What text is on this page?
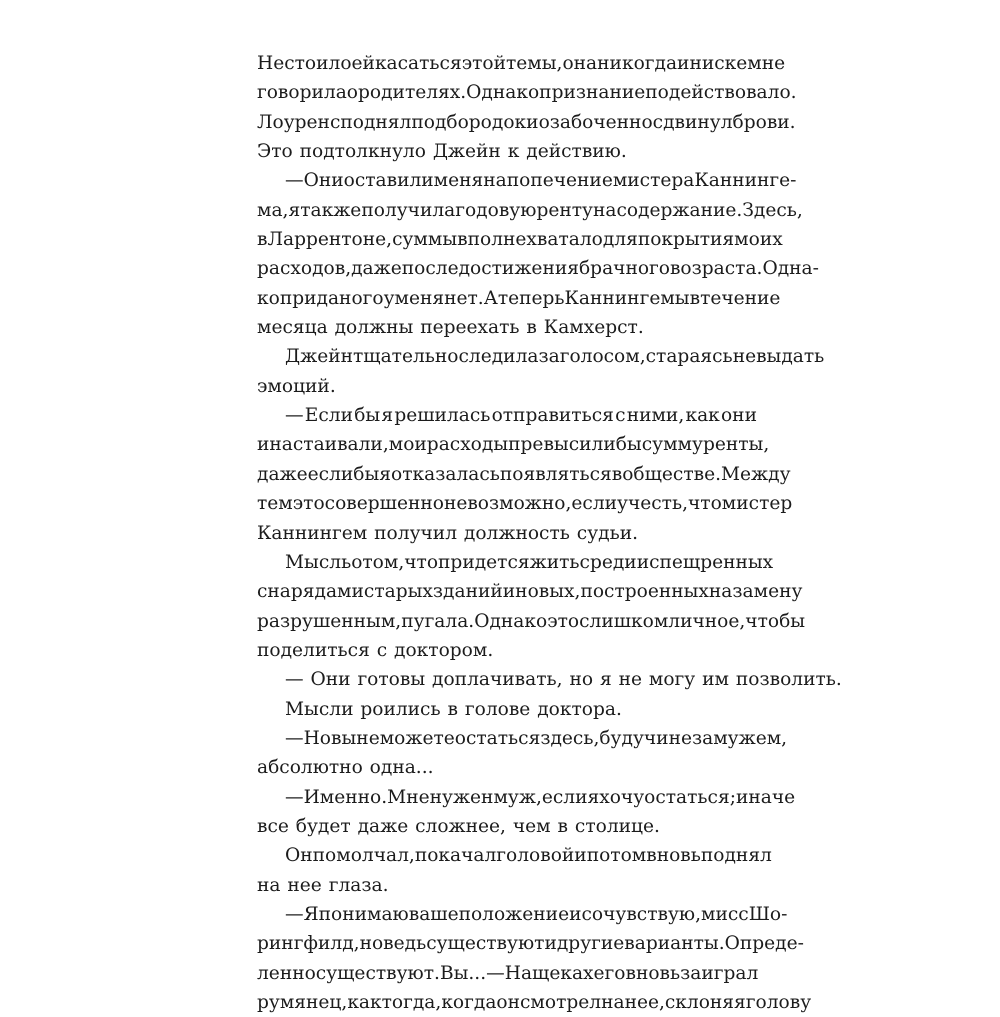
Не стоило ей касаться этой темы, она никогда и ни с кем не
говорила о родителях. Однако признание подействовало.
Лоуренс поднял подбородок и озабоченно сдвинул брови.
Это подтолкнуло Джейн к действию.
— Они оставили меня на попечение мистера Каннинге-
ма, я также получила годовую ренту на содержание. Здесь,
в Ларрентоне, суммы вполне хватало для покрытия моих
расходов, даже после достижения брачного возраста. Одна-
ко приданого у меня нет. А теперь Каннингемы в течение
месяца должны переехать в Камхерст.
Джейн тщательно следила за голосом, стараясь не выдать
эмоций.
— Если бы я решилась отправиться с ними, как они
и настаивали, мои расходы превысили бы сумму ренты,
даже если бы я отказалась появляться в обществе. Между
тем это совершенно невозможно, если учесть, что мистер
Каннингем получил должность судьи.
Мысль о том, что придется жить среди испещренных
снарядами старых зданий и новых, построенных на замену
разрушенным, пугала. Однако это слишком личное, чтобы
поделиться с доктором.
— Они готовы доплачивать, но я не могу им позволить.
Мысли роились в голове доктора.
— Но вы не можете остаться здесь, будучи не замужем,
абсолютно одна...
— Именно. Мне нужен муж, если я хочу остаться; иначе
все будет даже сложнее, чем в столице.
Он помолчал, покачал головой и потом вновь поднял
на нее глаза.
— Я понимаю ваше положение и сочувствую, мисс Шо-
рингфилд, но ведь существуют и другие варианты. Опреде-
ленно существуют. Вы... — На щеках его вновь заиграл
румянец, как тогда, когда он смотрел на нее, склоняя голову
